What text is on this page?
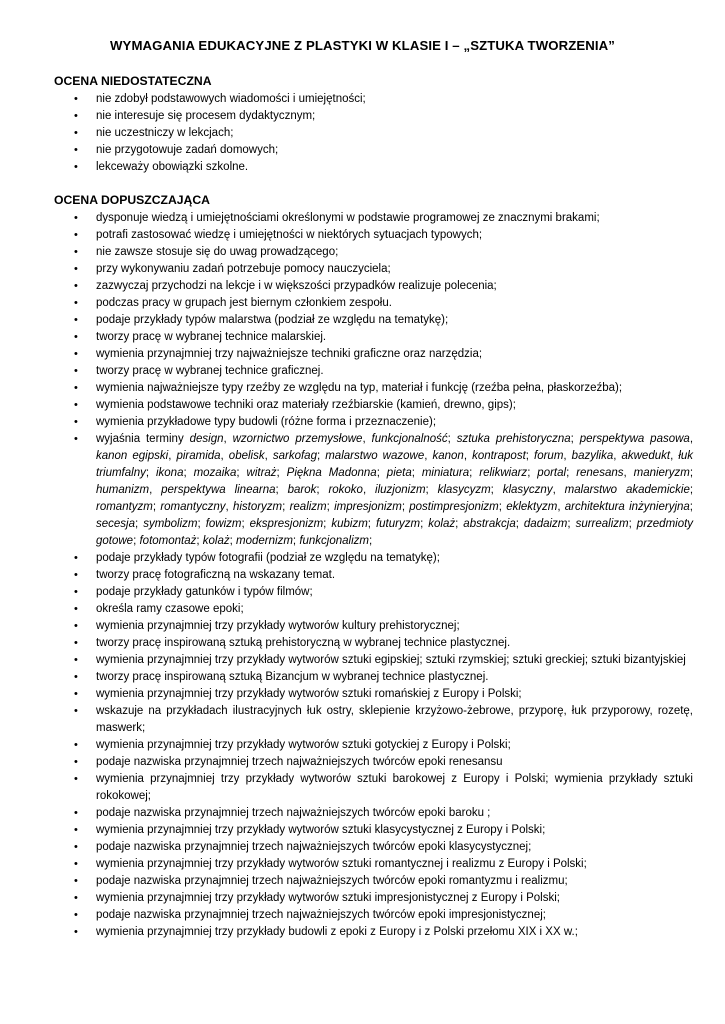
WYMAGANIA EDUKACYJNE Z PLASTYKI W KLASIE I – „SZTUKA TWORZENIA”
OCENA NIEDOSTATECZNA
• nie zdobył podstawowych wiadomości i umiejętności;
• nie interesuje się procesem dydaktycznym;
• nie uczestniczy w lekcjach;
• nie przygotowuje zadań domowych;
• lekceważy obowiązki szkolne.
OCENA DOPUSZCZAJĄCA
• dysponuje wiedzą i umiejętnościami określonymi w podstawie programowej ze znacznymi brakami;
• potrafi zastosować wiedzę i umiejętności w niektórych sytuacjach typowych;
• nie zawsze stosuje się do uwag prowadzącego;
• przy wykonywaniu zadań potrzebuje pomocy nauczyciela;
• zazwyczaj przychodzi na lekcje i w większości przypadków realizuje polecenia;
• podczas pracy w grupach jest biernym członkiem zespołu.
• podaje przykłady typów malarstwa (podział ze względu na tematykę);
• tworzy pracę w wybranej technice malarskiej.
• wymienia przynajmniej trzy najważniejsze techniki graficzne oraz narzędzia;
• tworzy pracę w wybranej technice graficznej.
• wymienia najważniejsze typy rzeźby ze względu na typ, materiał i funkcję (rzeźba pełna, płaskorzeźba);
• wymienia podstawowe techniki oraz materiały rzeźbiarskie (kamień, drewno, gips);
• wymienia przykładowe typy budowli (różne forma i przeznaczenie);
• wyjaśnia terminy design, wzornictwo przemysłowe, funkcjonalność; sztuka prehistoryczna; perspektywa pasowa, kanon egipski, piramida, obelisk, sarkofag; malarstwo wazowe, kanon, kontrapost; forum, bazylika, akwedukt, łuk triumfalny; ikona; mozaika; witraż; Piękna Madonna; pieta; miniatura; relikwiarz; portal; renesans, manieryzm; humanizm, perspektywa linearna; barok; rokoko, iluzjonizm; klasycyzm; klasyczny, malarstwo akademickie; romantyzm; romantyczny, historyzm; realizm; impresjonizm; postimpresjonizm; eklektyzm, architektura inżynieryjna; secesja; symbolizm; fowizm; ekspresjonizm; kubizm; futuryzm; kolaż; abstrakcja; dadaizm; surrealizm; przedmioty gotowe; fotomontaż; kolaż; modernizm; funkcjonalizm;
• podaje przykłady typów fotografii (podział ze względu na tematykę);
• tworzy pracę fotograficzną na wskazany temat.
• podaje przykłady gatunków i typów filmów;
• określa ramy czasowe epoki;
• wymienia przynajmniej trzy przykłady wytworów kultury prehistorycznej;
• tworzy pracę inspirowaną sztuką prehistoryczną w wybranej technice plastycznej.
• wymienia przynajmniej trzy przykłady wytworów sztuki egipskiej; sztuki rzymskiej; sztuki greckiej; sztuki bizantyjskiej
• tworzy pracę inspirowaną sztuką Bizancjum w wybranej technice plastycznej.
• wymienia przynajmniej trzy przykłady wytworów sztuki romańskiej z Europy i Polski;
• wskazuje na przykładach ilustracyjnych łuk ostry, sklepienie krzyżowo-żebrowe, przyporę, łuk przyporowy, rozetę, maswerk;
• wymienia przynajmniej trzy przykłady wytworów sztuki gotyckiej z Europy i Polski;
• podaje nazwiska przynajmniej trzech najważniejszych twórców epoki renesansu
• wymienia przynajmniej trzy przykłady wytworów sztuki barokowej z Europy i Polski; wymienia przykłady sztuki rokokowej;
• podaje nazwiska przynajmniej trzech najważniejszych twórców epoki baroku ;
• wymienia przynajmniej trzy przykłady wytworów sztuki klasycystycznej z Europy i Polski;
• podaje nazwiska przynajmniej trzech najważniejszych twórców epoki klasycystycznej;
• wymienia przynajmniej trzy przykłady wytworów sztuki romantycznej i realizmu z Europy i Polski;
• podaje nazwiska przynajmniej trzech najważniejszych twórców epoki romantyzmu i realizmu;
• wymienia przynajmniej trzy przykłady wytworów sztuki impresjonistycznej z Europy i Polski;
• podaje nazwiska przynajmniej trzech najważniejszych twórców epoki impresjonistycznej;
• wymienia przynajmniej trzy przykłady budowli z epoki z Europy i z Polski przełomu XIX i XX w.;
